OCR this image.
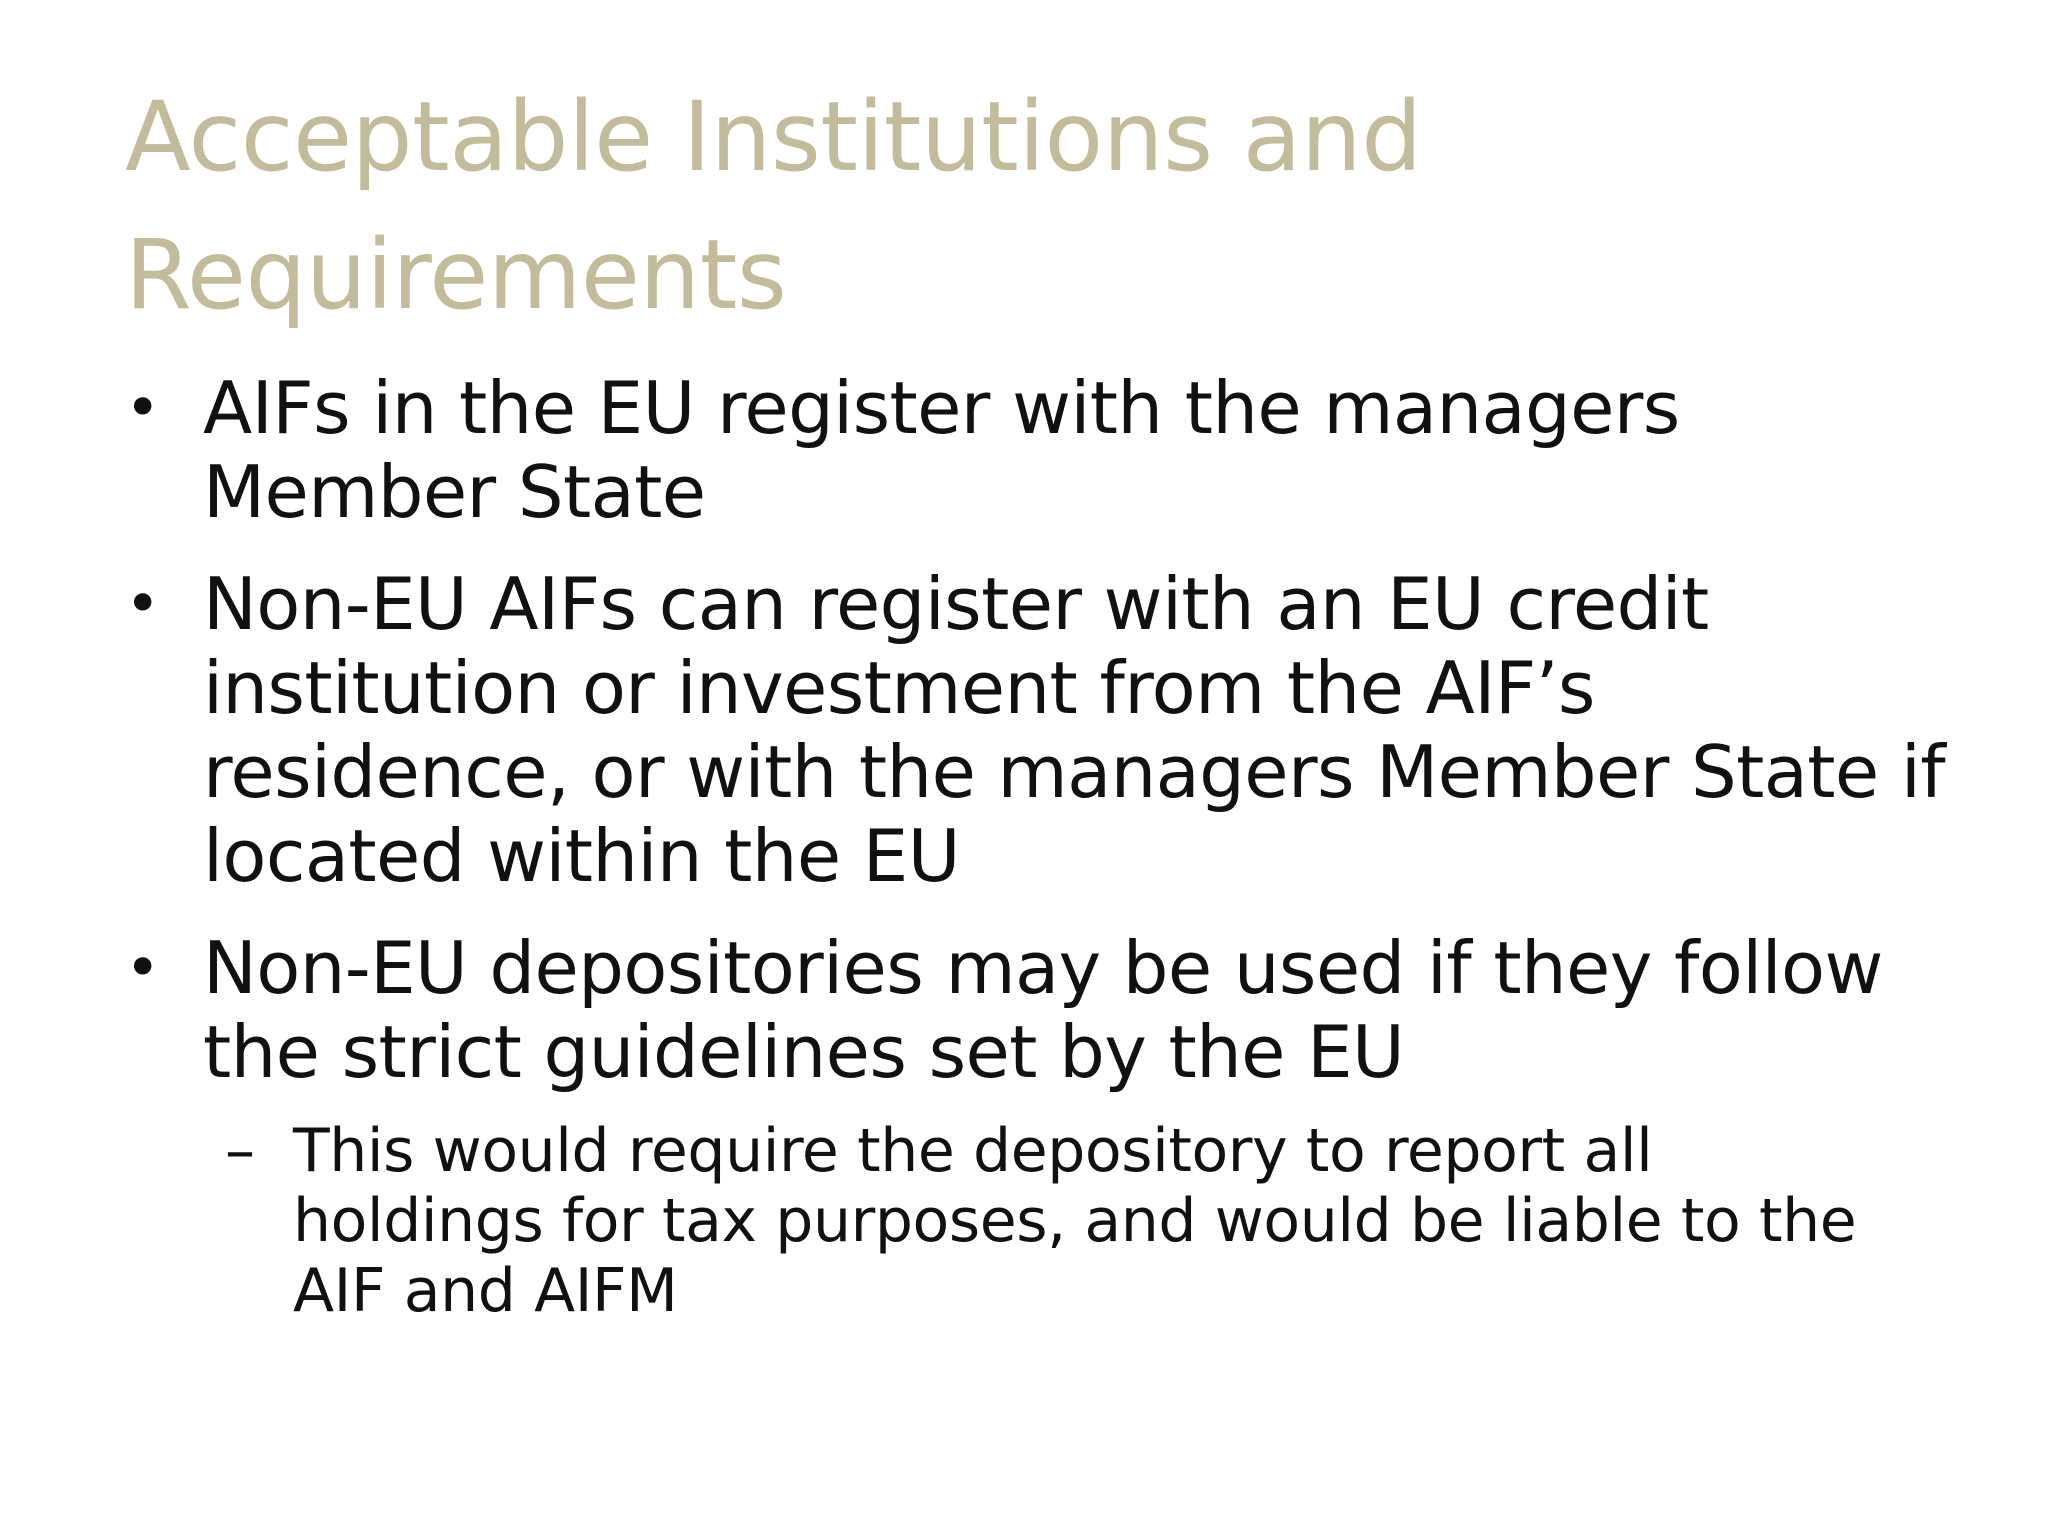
Acceptable Institutions and
Requirements
• AIFs in the EU register with the managers
Member State
• Non-EU AIFs can register with an EU credit
institution or investment from the AIF’s
residence, or with the managers Member State if
located within the EU
• Non-EU depositories may be used if they follow
the strict guidelines set by the EU
– This would require the depository to report all
holdings for tax purposes, and would be liable to the
AIF and AIFM
